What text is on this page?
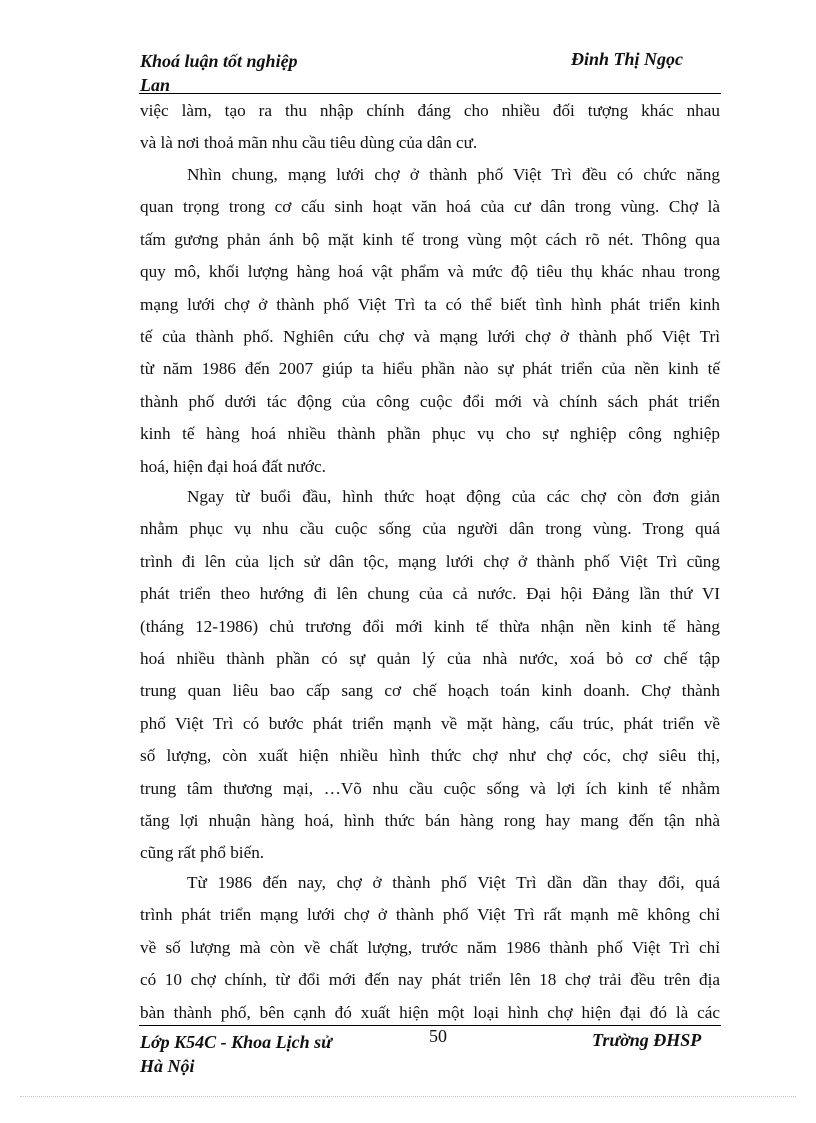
Khoá luận tốt nghiệp
Lan
Đinh Thị Ngọc
việc làm, tạo ra thu nhập chính đáng cho nhiều đối tượng khác nhau
và là nơi thoả mãn nhu cầu tiêu dùng của dân cư.
Nhìn chung, mạng lưới chợ ở thành phố Việt Trì đều có chức năng
quan trọng trong cơ cấu sinh hoạt văn hoá của cư dân trong vùng. Chợ là
tấm gương phản ánh bộ mặt kinh tế trong vùng một cách rõ nét. Thông qua
quy mô, khối lượng hàng hoá vật phẩm và mức độ tiêu thụ khác nhau trong
mạng lưới chợ ở thành phố Việt Trì ta có thể biết tình hình phát triển kinh
tế của thành phố. Nghiên cứu chợ và mạng lưới chợ ở thành phố Việt Trì
từ năm 1986 đến 2007 giúp ta hiểu phần nào sự phát triển của nền kinh tế
thành phố dưới tác động của công cuộc đổi mới và chính sách phát triển
kinh tế hàng hoá nhiều thành phần phục vụ cho sự nghiệp công nghiệp
hoá, hiện đại hoá đất nước.
Ngay từ buổi đầu, hình thức hoạt động của các chợ còn đơn giản
nhằm phục vụ nhu cầu cuộc sống của người dân trong vùng. Trong quá
trình đi lên của lịch sử dân tộc, mạng lưới chợ ở thành phố Việt Trì cũng
phát triển theo hướng đi lên chung của cả nước. Đại hội Đảng lần thứ VI
(tháng 12-1986) chủ trương đổi mới kinh tế thừa nhận nền kinh tế hàng
hoá nhiều thành phần có sự quản lý của nhà nước, xoá bỏ cơ chế tập
trung quan liêu bao cấp sang cơ chế hoạch toán kinh doanh. Chợ thành
phố Việt Trì có bước phát triển mạnh về mặt hàng, cấu trúc, phát triển về
số lượng, còn xuất hiện nhiều hình thức chợ như chợ cóc, chợ siêu thị,
trung tâm thương mại, …Võ nhu cầu cuộc sống và lợi ích kinh tế nhằm
tăng lợi nhuận hàng hoá, hình thức bán hàng rong hay mang đến tận nhà
cũng rất phổ biến.
Từ 1986 đến nay, chợ ở thành phố Việt Trì dần dần thay đổi, quá
trình phát triển mạng lưới chợ ở thành phố Việt Trì rất mạnh mẽ không chỉ
về số lượng mà còn về chất lượng, trước năm 1986 thành phố Việt Trì chỉ
có 10 chợ chính, từ đổi mới đến nay phát triển lên 18 chợ trải đều trên địa
bàn thành phố, bên cạnh đó xuất hiện một loại hình chợ hiện đại đó là các
Lớp K54C - Khoa Lịch sử
Hà Nội
50	Trường ĐHSP
